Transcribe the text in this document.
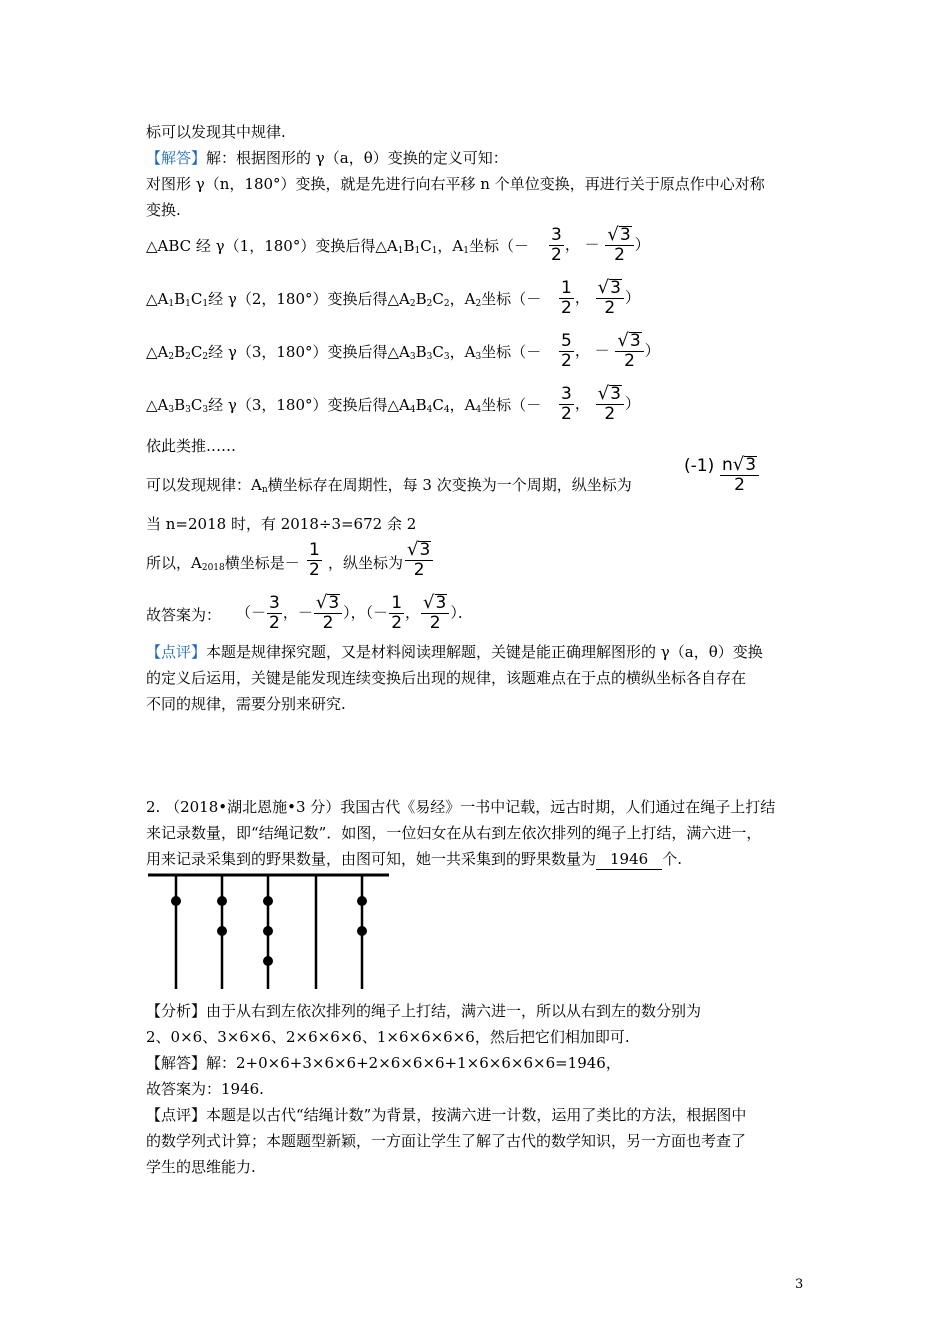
标可以发现其中规律.
【解答】解：根据图形的 γ（a，θ）变换的定义可知：
对图形 γ（n，180°）变换，就是先进行向右平移 n 个单位变换，再进行关于原点作中心对称
变换.
△ABC 经 γ（1，180°）变换后得$\triangle A_1B_1C_1$，$A_1$坐标（－ $\frac{3}{2}$ ， － $\frac{√ 3}{2}$ ）
$\triangle A_1B_1C_1$经 γ（2，180°）变换后得$\triangle A_2B_2C_2$，$A_2$坐标（－ $\frac{1}{2}$ ， $\frac{√ 3}{2}$ ）
$\triangle A_2B_2C_2$经 γ（3，180°）变换后得$\triangle A_3B_3C_3$，$A_3$坐标（－ $\frac{5}{2}$ ， － $\frac{√ 3}{2}$ ）
$\triangle A_3B_3C_3$经 γ（3，180°）变换后得$\triangle A_4B_4C_4$，$A_4$坐标（－ $\frac{3}{2}$ ， $\frac{√ 3}{2}$ ）
依此类推……
可以发现规律：$A_n$横坐标存在周期性，每 3 次变换为一个周期，纵坐标为
$(-1) \frac{n √ 3}{2}$
当 n=2018 时，有 2018÷3=672 余 2
所以，$A_{2018}$横坐标是－ $\frac{1}{2}$ ，纵坐标为 $\frac{√ 3}{2}$
故答案为： （－ $\frac{3}{2}$ ，－ $\frac{√ 3}{2}$ ），（－ $\frac{1}{2}$ ， $\frac{√ 3}{2}$ ）．
【点评】本题是规律探究题，又是材料阅读理解题，关键是能正确理解图形的 γ（a，θ）变换
的定义后运用，关键是能发现连续变换后出现的规律，该题难点在于点的横纵坐标各自存在
不同的规律，需要分别来研究.
2. （2018•湖北恩施•3 分）我国古代《易经》一书中记载，远古时期，人们通过在绳子上打结
来记录数量，即“结绳记数”．如图，一位妇女在从右到左依次排列的绳子上打结，满六进一，
用来记录采集到的野果数量，由图可知，她一共采集到的野果数量为 1946 个.
【分析】由于从右到左依次排列的绳子上打结，满六进一，所以从右到左的数分别为
2、0×6、3×6×6、2×6×6×6、1×6×6×6×6，然后把它们相加即可.
【解答】解：2+0×6+3×6×6+2×6×6×6+1×6×6×6×6=1946，
故答案为：1946.
【点评】本题是以古代“结绳计数”为背景，按满六进一计数，运用了类比的方法，根据图中
的数学列式计算；本题题型新颖，一方面让学生了解了古代的数学知识，另一方面也考查了
学生的思维能力.
3
